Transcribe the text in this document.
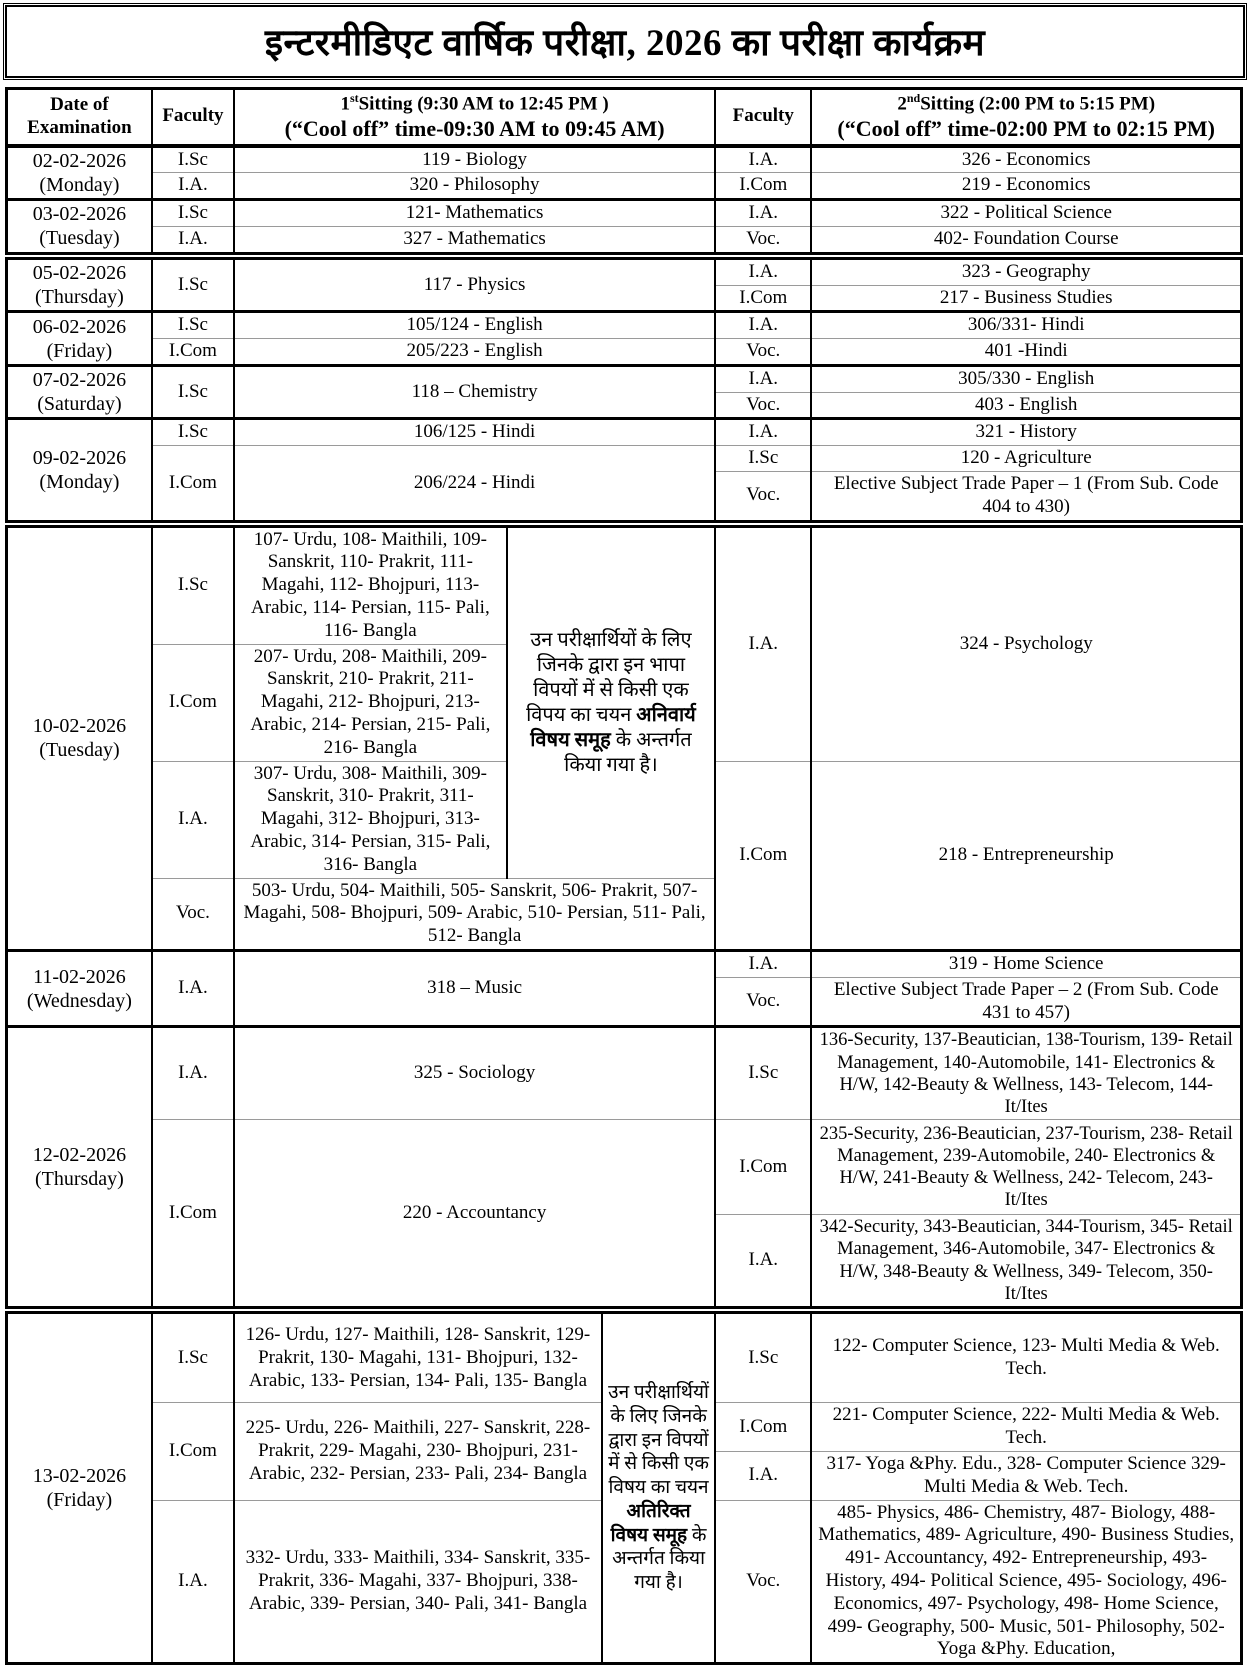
इन्टरमीडिएट वार्षिक परीक्षा, 2026 का परीक्षा कार्यक्रम
Date of Examination	Faculty	
1stSitting (9:30 AM to 12:45 PM )
(“Cool off” time-09:30 AM to 09:45 AM)
	Faculty	
2ndSitting (2:00 PM to 5:15 PM)
(“Cool off” time-02:00 PM to 02:15 PM)

02-02-2026
(Monday)	I.Sc	119 - Biology			I.A.	326 - Economics
	I.A.	320 - Philosophy			I.Com	219 - Economics

03-02-2026
(Tuesday)	I.Sc	121- Mathematics			I.A.	322 - Political Science
	I.A.	327 - Mathematics			Voc.	402- Foundation Course

05-02-2026
(Thursday)	I.Sc	117 - Physics			I.A.	323 - Geography
					I.Com	217 - Business Studies

06-02-2026
(Friday)	I.Sc	105/124 - English			I.A.	306/331- Hindi
	I.Com	205/223 - English			Voc.	401 -Hindi

07-02-2026
(Saturday)	I.Sc	118 – Chemistry			I.A.	305/330 - English
					Voc.	403 - English

09-02-2026
(Monday)	I.Sc	106/125 - Hindi			I.A.	321 - History
	I.Com	206/224 - Hindi			I.Sc	120 - Agriculture
					Voc.	Elective Subject Trade Paper – 1 (From Sub. Code 404 to 430)

10-02-2026
(Tuesday)	I.Sc	107- Urdu, 108- Maithili, 109- Sanskrit, 110- Prakrit, 111- Magahi, 112- Bhojpuri, 113- Arabic, 114- Persian, 115- Pali, 116- Bangla	उन परीक्षार्थियों के लिए जिनके द्वारा इन भापा विपयों में से किसी एक विपय का चयन अनिवार्य विषय समूह के अन्तर्गत किया गया है।		I.A.	324 - Psychology
	I.Com	207- Urdu, 208- Maithili, 209- Sanskrit, 210- Prakrit, 211- Magahi, 212- Bhojpuri, 213- Arabic, 214- Persian, 215- Pali, 216- Bangla				
	I.A.	307- Urdu, 308- Maithili, 309- Sanskrit, 310- Prakrit, 311- Magahi, 312- Bhojpuri, 313- Arabic, 314- Persian, 315- Pali, 316- Bangla			I.Com	218 - Entrepreneurship
	Voc.	503- Urdu, 504- Maithili, 505- Sanskrit, 506- Prakrit, 507- Magahi, 508- Bhojpuri, 509- Arabic, 510- Persian, 511- Pali, 512- Bangla				

11-02-2026
(Wednesday)	I.A.	318 – Music			I.A.	319 - Home Science
					Voc.	Elective Subject Trade Paper – 2 (From Sub. Code 431 to 457)

12-02-2026
(Thursday)	I.A.	325 - Sociology			I.Sc	136-Security, 137-Beautician, 138-Tourism, 139- Retail Management, 140-Automobile, 141- Electronics & H/W, 142-Beauty & Wellness, 143- Telecom, 144- It/Ites
	I.Com	220 - Accountancy			I.Com	235-Security, 236-Beautician, 237-Tourism, 238- Retail Management, 239-Automobile, 240- Electronics & H/W, 241-Beauty & Wellness, 242- Telecom, 243- It/Ites
					I.A.	342-Security, 343-Beautician, 344-Tourism, 345- Retail Management, 346-Automobile, 347- Electronics & H/W, 348-Beauty & Wellness, 349- Telecom, 350- It/Ites

13-02-2026
(Friday)	I.Sc	126- Urdu, 127- Maithili, 128- Sanskrit, 129- Prakrit, 130- Magahi, 131- Bhojpuri, 132- Arabic, 133- Persian, 134- Pali, 135- Bangla		उन परीक्षार्थियों के लिए जिनके द्वारा इन विपयों में से किसी एक विषय का चयन अतिरिक्त विषय समूह के अन्तर्गत किया गया है।	I.Sc	122- Computer Science, 123- Multi Media & Web. Tech.
	I.Com	225- Urdu, 226- Maithili, 227- Sanskrit, 228- Prakrit, 229- Magahi, 230- Bhojpuri, 231- Arabic, 232- Persian, 233- Pali, 234- Bangla			I.Com	221- Computer Science, 222- Multi Media & Web. Tech.
					I.A.	317- Yoga &Phy. Edu., 328- Computer Science 329- Multi Media & Web. Tech.
	I.A.	332- Urdu, 333- Maithili, 334- Sanskrit, 335- Prakrit, 336- Magahi, 337- Bhojpuri, 338- Arabic, 339- Persian, 340- Pali, 341- Bangla			Voc.	485- Physics, 486- Chemistry, 487- Biology, 488- Mathematics, 489- Agriculture, 490- Business Studies, 491- Accountancy, 492- Entrepreneurship, 493- History, 494- Political Science, 495- Sociology, 496- Economics, 497- Psychology, 498- Home Science, 499- Geography, 500- Music, 501- Philosophy, 502- Yoga &Phy. Education,
